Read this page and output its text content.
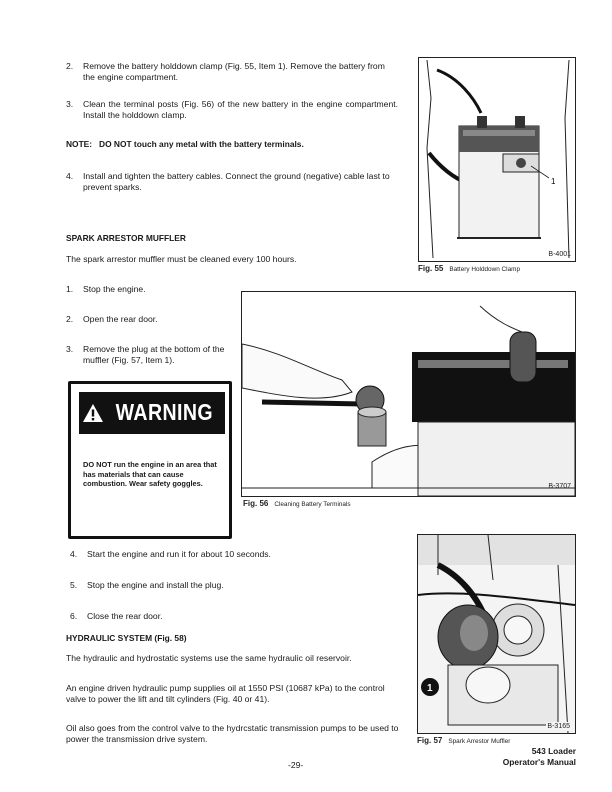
2. Remove the battery holddown clamp (Fig. 55, Item 1). Remove the battery from the engine compartment.
3. Clean the terminal posts (Fig. 56) of the new battery in the engine compartment. Install the holddown clamp.
NOTE:   DO NOT touch any metal with the battery terminals.
4. Install and tighten the battery cables. Connect the ground (negative) cable last to prevent sparks.
SPARK ARRESTOR MUFFLER
The spark arrestor muffler must be cleaned every 100 hours.
1. Stop the engine.
2. Open the rear door.
3. Remove the plug at the bottom of the muffler (Fig. 57, Item 1).
WARNING
DO NOT run the engine in an area that has materials that can cause combustion. Wear safety goggles.
4. Start the engine and run it for about 10 seconds.
5. Stop the engine and install the plug.
6. Close the rear door.
HYDRAULIC SYSTEM (Fig. 58)
The hydraulic and hydrostatic systems use the same hydraulic oil reservoir.
An engine driven hydraulic pump supplies oil at 1550 PSI (10687 kPa) to the control valve to power the lift and tilt cylinders (Fig. 40 or 41).
Oil also goes from the control valve to the hydrcstatic transmission pumps to be used to power the transmission drive system.
1
B-4001
Fig. 55 Battery Holddown Clamp
B-3707
Fig. 56 Cleaning Battery Terminals
1
B-3165
Fig. 57 Spark Arrestor Muffler
-29-
543 Loader
Operator's Manual
